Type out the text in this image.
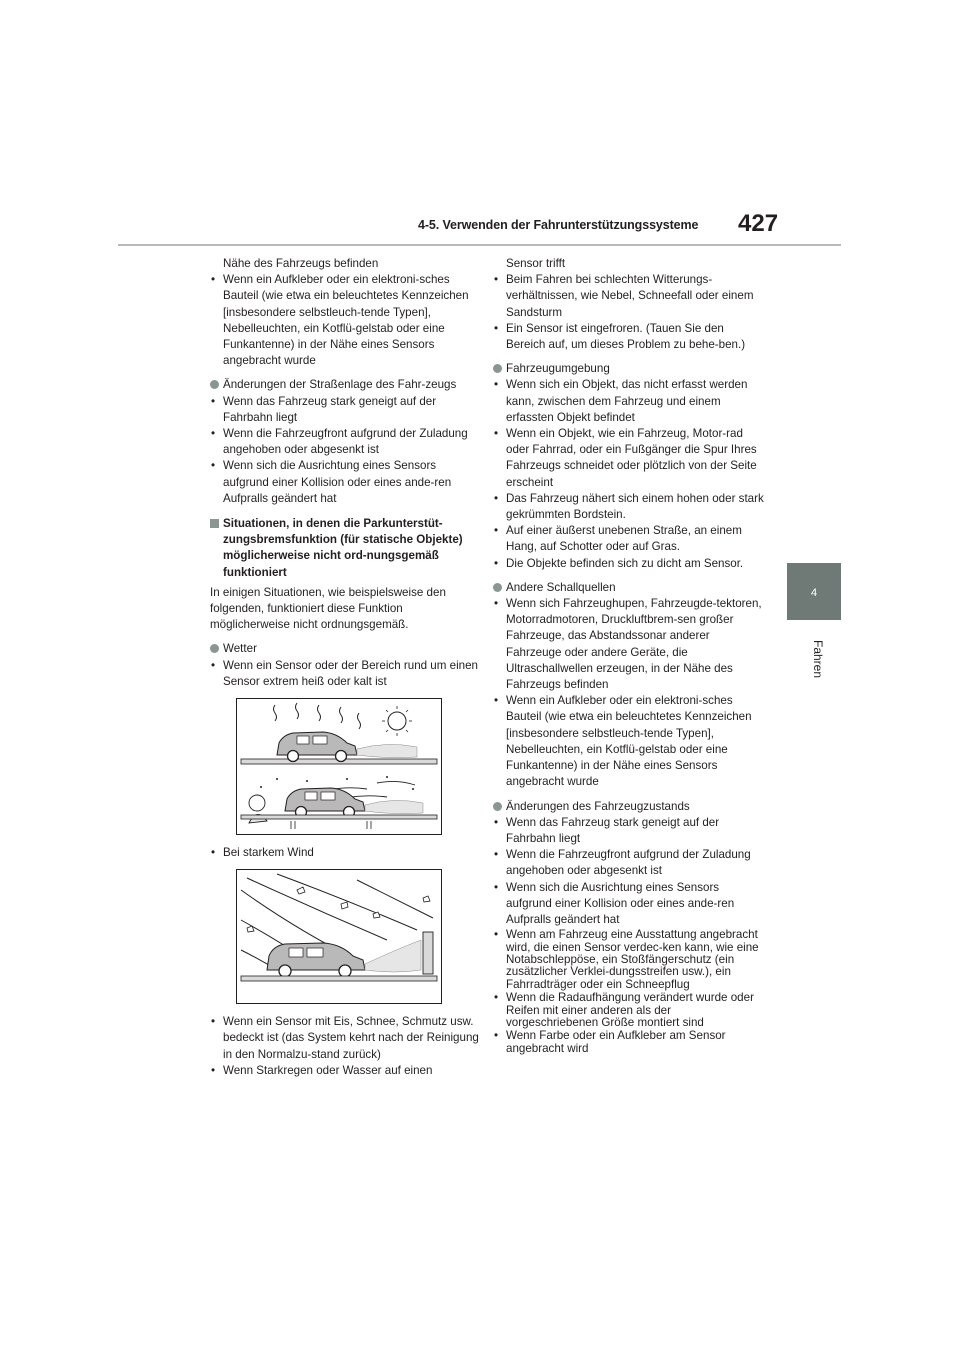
4-5. Verwenden der Fahrunterstützungssysteme 427
4
Fahren
Nähe des Fahrzeugs befinden
• Wenn ein Aufkleber oder ein elektroni-sches Bauteil (wie etwa ein beleuchtetes Kennzeichen [insbesondere selbstleuch-tende Typen], Nebelleuchten, ein Kotflü-gelstab oder eine Funkantenne) in der Nähe eines Sensors angebracht wurde
Änderungen der Straßenlage des Fahr-zeugs
• Wenn das Fahrzeug stark geneigt auf der Fahrbahn liegt
• Wenn die Fahrzeugfront aufgrund der Zuladung angehoben oder abgesenkt ist
• Wenn sich die Ausrichtung eines Sensors aufgrund einer Kollision oder eines ande-ren Aufpralls geändert hat
Situationen, in denen die Parkunterstüt-zungsbremsfunktion (für statische Objekte) möglicherweise nicht ord-nungsgemäß funktioniert
In einigen Situationen, wie beispielsweise den folgenden, funktioniert diese Funktion möglicherweise nicht ordnungsgemäß.
Wetter
• Wenn ein Sensor oder der Bereich rund um einen Sensor extrem heiß oder kalt ist
• Bei starkem Wind
• Wenn ein Sensor mit Eis, Schnee, Schmutz usw. bedeckt ist (das System kehrt nach der Reinigung in den Normalzu-stand zurück)
• Wenn Starkregen oder Wasser auf einen
Sensor trifft
• Beim Fahren bei schlechten Witterungs-verhältnissen, wie Nebel, Schneefall oder einem Sandsturm
• Ein Sensor ist eingefroren. (Tauen Sie den Bereich auf, um dieses Problem zu behe-ben.)
Fahrzeugumgebung
• Wenn sich ein Objekt, das nicht erfasst werden kann, zwischen dem Fahrzeug und einem erfassten Objekt befindet
• Wenn ein Objekt, wie ein Fahrzeug, Motor-rad oder Fahrrad, oder ein Fußgänger die Spur Ihres Fahrzeugs schneidet oder plötzlich von der Seite erscheint
• Das Fahrzeug nähert sich einem hohen oder stark gekrümmten Bordstein.
• Auf einer äußerst unebenen Straße, an einem Hang, auf Schotter oder auf Gras.
• Die Objekte befinden sich zu dicht am Sensor.
Andere Schallquellen
• Wenn sich Fahrzeughupen, Fahrzeugde-tektoren, Motorradmotoren, Druckluftbrem-sen großer Fahrzeuge, das Abstandssonar anderer Fahrzeuge oder andere Geräte, die Ultraschallwellen erzeugen, in der Nähe des Fahrzeugs befinden
• Wenn ein Aufkleber oder ein elektroni-sches Bauteil (wie etwa ein beleuchtetes Kennzeichen [insbesondere selbstleuch-tende Typen], Nebelleuchten, ein Kotflü-gelstab oder eine Funkantenne) in der Nähe eines Sensors angebracht wurde
Änderungen des Fahrzeugzustands
• Wenn das Fahrzeug stark geneigt auf der Fahrbahn liegt
• Wenn die Fahrzeugfront aufgrund der Zuladung angehoben oder abgesenkt ist
• Wenn sich die Ausrichtung eines Sensors aufgrund einer Kollision oder eines ande-ren Aufpralls geändert hat
• Wenn am Fahrzeug eine Ausstattung angebracht wird, die einen Sensor verdec-ken kann, wie eine Notabschleppöse, ein Stoßfängerschutz (ein zusätzlicher Verklei-dungsstreifen usw.), ein Fahrradträger oder ein Schneepflug
• Wenn die Radaufhängung verändert wurde oder Reifen mit einer anderen als der vorgeschriebenen Größe montiert sind
• Wenn Farbe oder ein Aufkleber am Sensor angebracht wird
